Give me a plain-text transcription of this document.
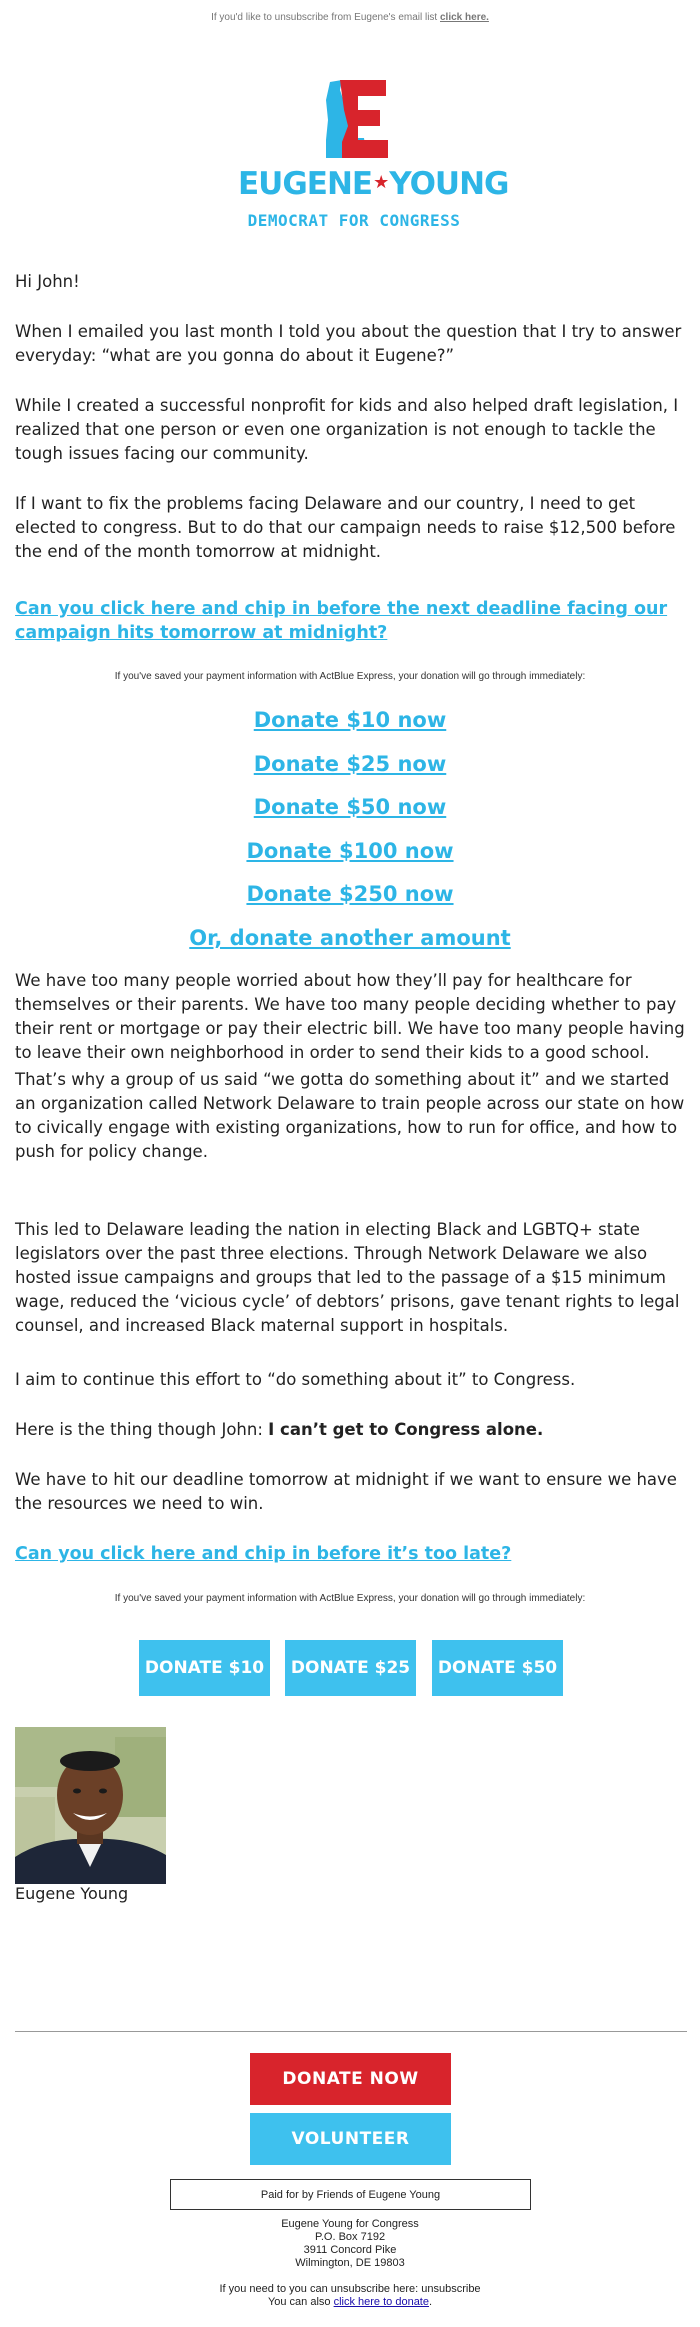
If you'd like to unsubscribe from Eugene's email list click here.
EUGENE★YOUNG
DEMOCRAT FOR CONGRESS

Hi John!

When I emailed you last month I told you about the question that I try to answer everyday: “what are you gonna do about it Eugene?”

While I created a successful nonprofit for kids and also helped draft legislation, I realized that one person or even one organization is not enough to tackle the tough issues facing our community.

If I want to fix the problems facing Delaware and our country, I need to get elected to congress. But to do that our campaign needs to raise $12,500 before the end of the month tomorrow at midnight.

Can you click here and chip in before the next deadline facing our campaign hits tomorrow at midnight?
If you've saved your payment information with ActBlue Express, your donation will go through immediately:
Donate $10 now
Donate $25 now
Donate $50 now
Donate $100 now
Donate $250 now
Or, donate another amount

We have too many people worried about how they’ll pay for healthcare for themselves or their parents. We have too many people deciding whether to pay their rent or mortgage or pay their electric bill. We have too many people having to leave their own neighborhood in order to send their kids to a good school.

That’s why a group of us said “we gotta do something about it” and we started an organization called Network Delaware to train people across our state on how to civically engage with existing organizations, how to run for office, and how to push for policy change.

This led to Delaware leading the nation in electing Black and LGBTQ+ state legislators over the past three elections. Through Network Delaware we also hosted issue campaigns and groups that led to the passage of a $15 minimum wage, reduced the ‘vicious cycle’ of debtors’ prisons, gave tenant rights to legal counsel, and increased Black maternal support in hospitals.

I aim to continue this effort to “do something about it” to Congress.

Here is the thing though John: I can’t get to Congress alone.

We have to hit our deadline tomorrow at midnight if we want to ensure we have the resources we need to win.

Can you click here and chip in before it’s too late?
If you've saved your payment information with ActBlue Express, your donation will go through immediately:
DONATE $10	DONATE $25	DONATE $50
Eugene Young
DONATE NOW
VOLUNTEER
Paid for by Friends of Eugene Young
Eugene Young for Congress
P.O. Box 7192
3911 Concord Pike
Wilmington, DE 19803
If you need to you can unsubscribe here: unsubscribe
You can also click here to donate.
